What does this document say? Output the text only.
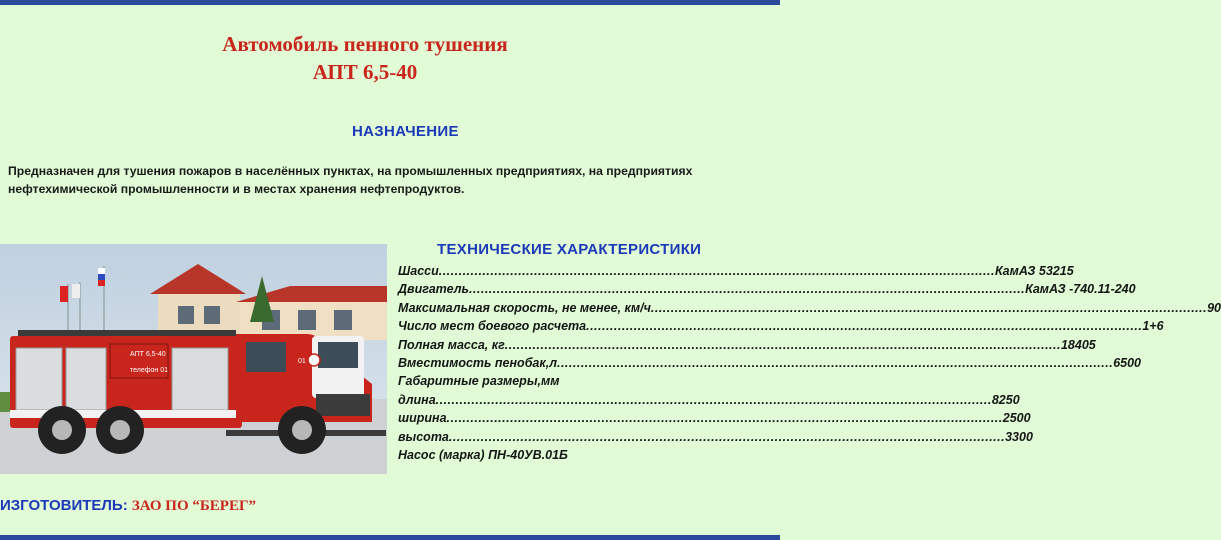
Автомобиль пенного тушения
АПТ 6,5-40
НАЗНАЧЕНИЕ

Предназначен для тушения пожаров в населённых пунктах, на промышленных предприятиях, на предприятиях нефтехимической промышленности и в местах хранения нефтепродуктов.

АПТ 6,5-40
телефон 01
01
ТЕХНИЧЕСКИЕ ХАРАКТЕРИСТИКИ
Шасси ............................................................................................................................................ КамАЗ 53215
Двигатель ............................................................................................................................................ КамАЗ -740.11-240
Максимальная скорость, не менее, км/ч ............................................................................................................................................ 90
Число мест боевого расчета ............................................................................................................................................ 1+6
Полная масса, кг ............................................................................................................................................ 18405
Вместимость пенобак,л ............................................................................................................................................ 6500
Габаритные размеры,мм
длина ............................................................................................................................................ 8250
ширина ............................................................................................................................................ 2500
высота ............................................................................................................................................ 3300
Насос (марка) ПН-40УВ.01Б
ИЗГОТОВИТЕЛЬ: ЗАО ПО “БЕРЕГ”
